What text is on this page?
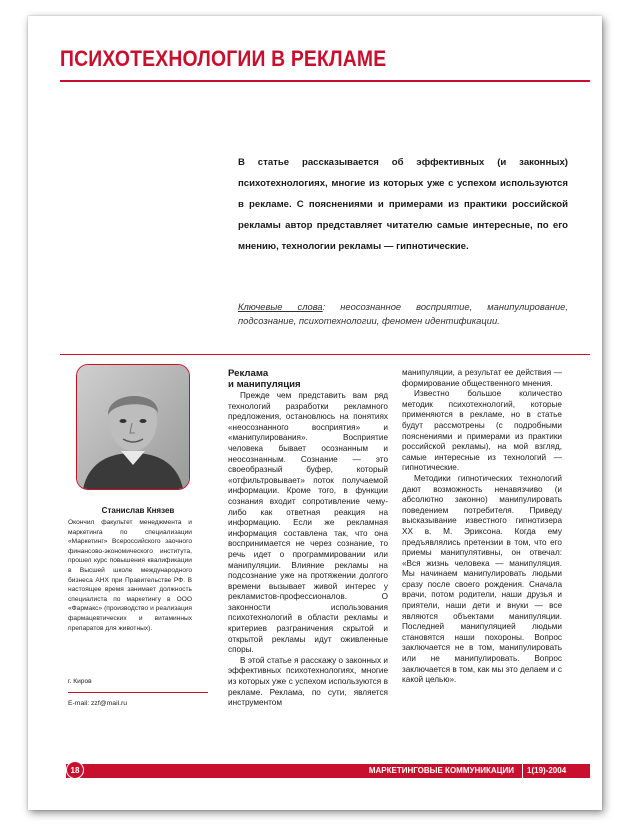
ПСИХОТЕХНОЛОГИИ В РЕКЛАМЕ

В статье рассказывается об эффективных (и законных) психотехнологиях, многие из которых уже с успехом используются в рекламе. С пояснениями и примерами из практики российской рекламы автор представляет читателю самые интересные, по его мнению, технологии рекламы — гипнотические.

Ключевые слова: неосознанное восприятие, манипулирование, подсознание, психотехнологии, феномен идентификации.

Станислав Князев

Окончил факультет менеджмента и маркетинга по специализации «Маркетинг» Всероссийского заочного финансово-экономического института, прошел курс повышения квалификации в Высшей школе международного бизнеса АНХ при Правительстве РФ. В настоящее время занимает должность специалиста по маркетингу в ООО «Фармакс» (производство и реализация фармацевтических и витаминных препаратов для животных).

г. Киров

E-mail: zzf@mail.ru

Реклама
и манипуляция

Прежде чем представить вам ряд технологий разработки рекламного предложения, остановлюсь на понятиях «неосознанного восприятия» и «манипулирования». Восприятие человека бывает осознанным и неосознанным. Сознание — это своеобразный буфер, который «отфильтровывает» поток получаемой информации. Кроме того, в функции сознания входит сопротивление чему-либо как ответная реакция на информацию. Если же рекламная информация составлена так, что она воспринимается не через сознание, то речь идет о программировании или манипуляции. Влияние рекламы на подсознание уже на протяжении долгого времени вызывает живой интерес у рекламистов-профессионалов. О законности использования психотехнологий в области рекламы и критериев разграничения скрытой и открытой рекламы идут оживленные споры.

В этой статье я расскажу о законных и эффективных психотехнологиях, многие из которых уже с успехом используются в рекламе. Реклама, по сути, является инструментом

манипуляции, а результат ее действия — формирование общественного мнения.

Известно большое количество методик психотехнологий, которые применяются в рекламе, но в статье будут рассмотрены (с подробными пояснениями и примерами из практики российской рекламы), на мой взгляд, самые интересные из технологий — гипнотические.

Методики гипнотических технологий дают возможность ненавязчиво (и абсолютно законно) манипулировать поведением потребителя. Приведу высказывание известного гипнотизера XX в. М. Эриксона. Когда ему предъявлялись претензии в том, что его приемы манипулятивны, он отвечал: «Вся жизнь человека — манипуляция. Мы начинаем манипулировать людьми сразу после своего рождения. Сначала врачи, потом родители, наши друзья и приятели, наши дети и внуки — все являются объектами манипуляции. Последней манипуляцией людьми становятся наши похороны. Вопрос заключается не в том, манипулировать или не манипулировать. Вопрос заключается в том, как мы это делаем и с какой целью».

18	МАРКЕТИНГОВЫЕ КОММУНИКАЦИИ	1(19)-2004
